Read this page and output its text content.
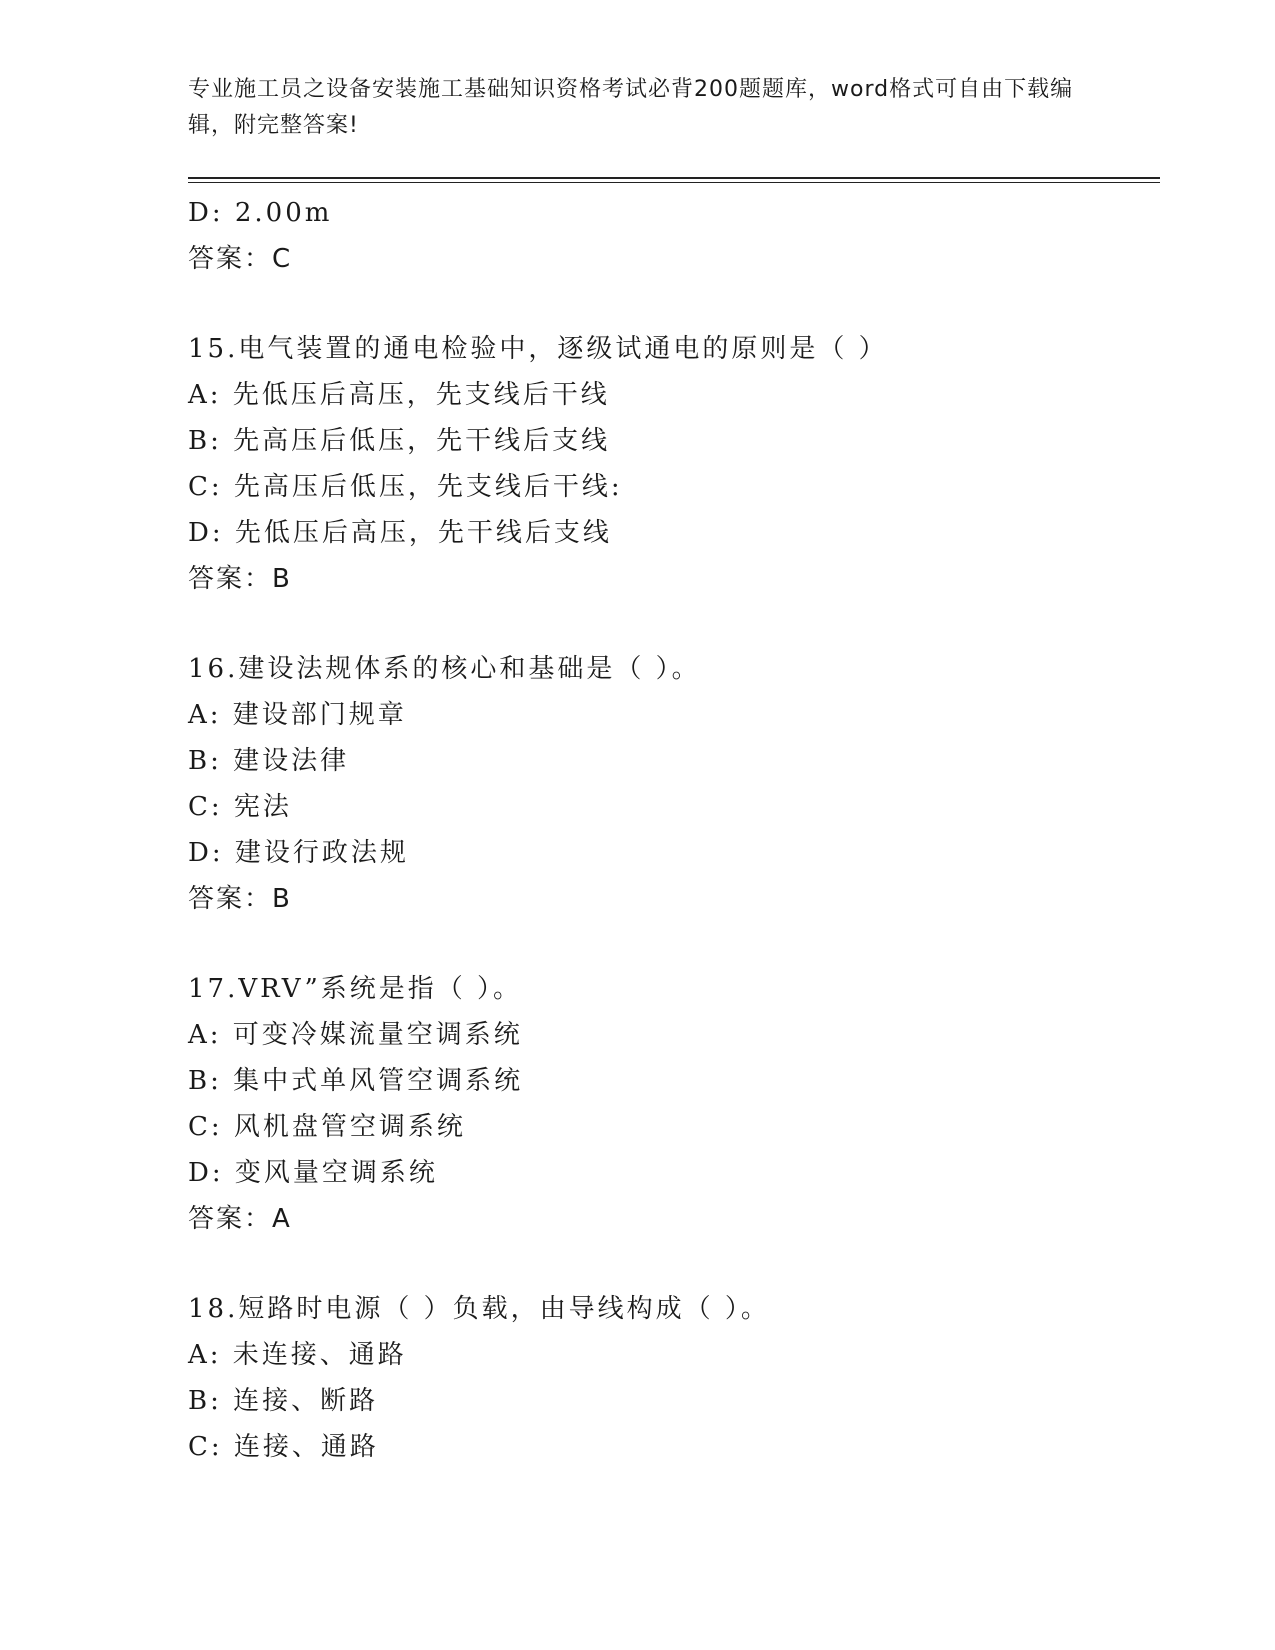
专业施工员之设备安装施工基础知识资格考试必背200题题库，word格式可自由下载编辑，附完整答案!
D: 2.00m
答案：C
15.电气装置的通电检验中，逐级试通电的原则是（ ）
A: 先低压后高压，先支线后干线
B: 先高压后低压，先干线后支线
C: 先高压后低压，先支线后干线:
D: 先低压后高压，先干线后支线
答案：B
16.建设法规体系的核心和基础是（ ）。
A: 建设部门规章
B: 建设法律
C: 宪法
D: 建设行政法规
答案：B
17.VRV”系统是指（ ）。
A: 可变冷媒流量空调系统
B: 集中式单风管空调系统
C: 风机盘管空调系统
D: 变风量空调系统
答案：A
18.短路时电源（ ）负载，由导线构成（ ）。
A: 未连接、通路
B: 连接、断路
C: 连接、通路
